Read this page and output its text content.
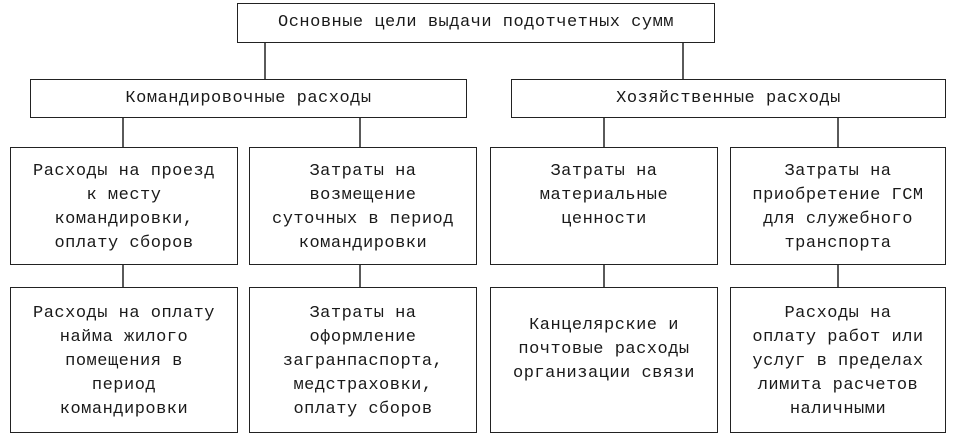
Основные цели выдачи подотчетных сумм
Командировочные расходы	Хозяйственные расходы
Расходы на проезд
к месту
командировки,
оплату сборов
Затраты на
возмещение
суточных в период
командировки
Затраты на
материальные
ценности
Затраты на
приобретение ГСМ
для служебного
транспорта
Расходы на оплату
найма жилого
помещения в
период
командировки
Затраты на
оформление
загранпаспорта,
медстраховки,
оплату сборов
Канцелярские и
почтовые расходы
организации связи
Расходы на
оплату работ или
услуг в пределах
лимита расчетов
наличными
